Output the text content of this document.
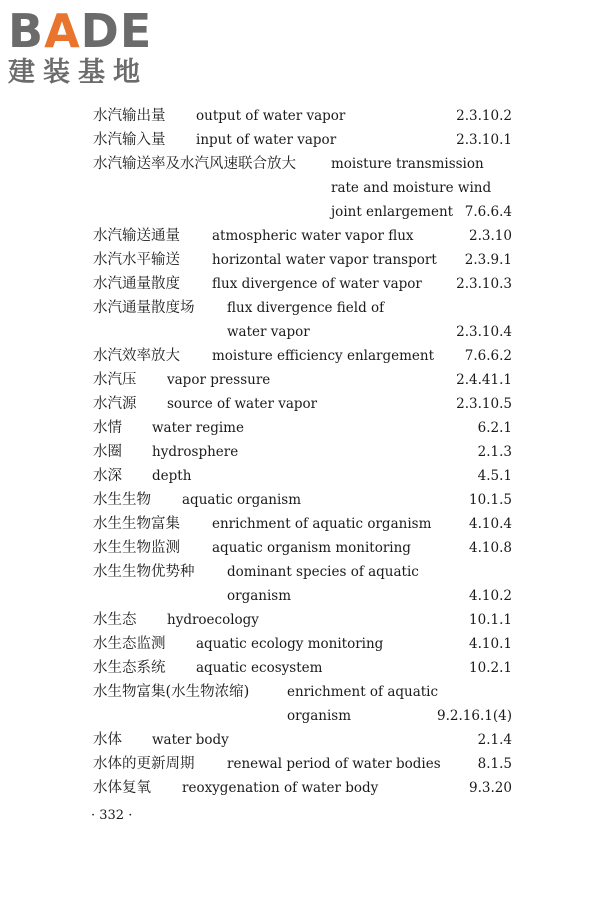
BADE
建装基地
水汽输出量 output of water vapor	2.3.10.2
水汽输入量 input of water vapor	2.3.10.1
水汽输送率及水汽风速联合放大	moisture transmission
rate and moisture wind
joint enlargement 7.6.6.4
水汽输送通量 atmospheric water vapor flux	2.3.10
水汽水平输送 horizontal water vapor transport 2.3.9.1
水汽通量散度 flux divergence of water vapor	2.3.10.3
水汽通量散度场 flux divergence field of
water vapor	2.3.10.4
水汽效率放大 moisture efficiency enlargement 7.6.6.2
水汽压 vapor pressure	2.4.41.1
水汽源 source of water vapor	2.3.10.5
水情 water regime	6.2.1
水圈 hydrosphere	2.1.3
水深 depth	4.5.1
水生生物 aquatic organism	10.1.5
水生生物富集 enrichment of aquatic organism	4.10.4
水生生物监测 aquatic organism monitoring	4.10.8
水生生物优势种 dominant species of aquatic
organism	4.10.2
水生态 hydroecology	10.1.1
水生态监测 aquatic ecology monitoring	4.10.1
水生态系统 aquatic ecosystem	10.2.1
水生物富集(水生物浓缩)	enrichment of aquatic
organism	9.2.16.1(4)
水体 water body	2.1.4
水体的更新周期 renewal period of water bodies	8.1.5
水体复氧 reoxygenation of water body	9.3.20
· 332 ·
